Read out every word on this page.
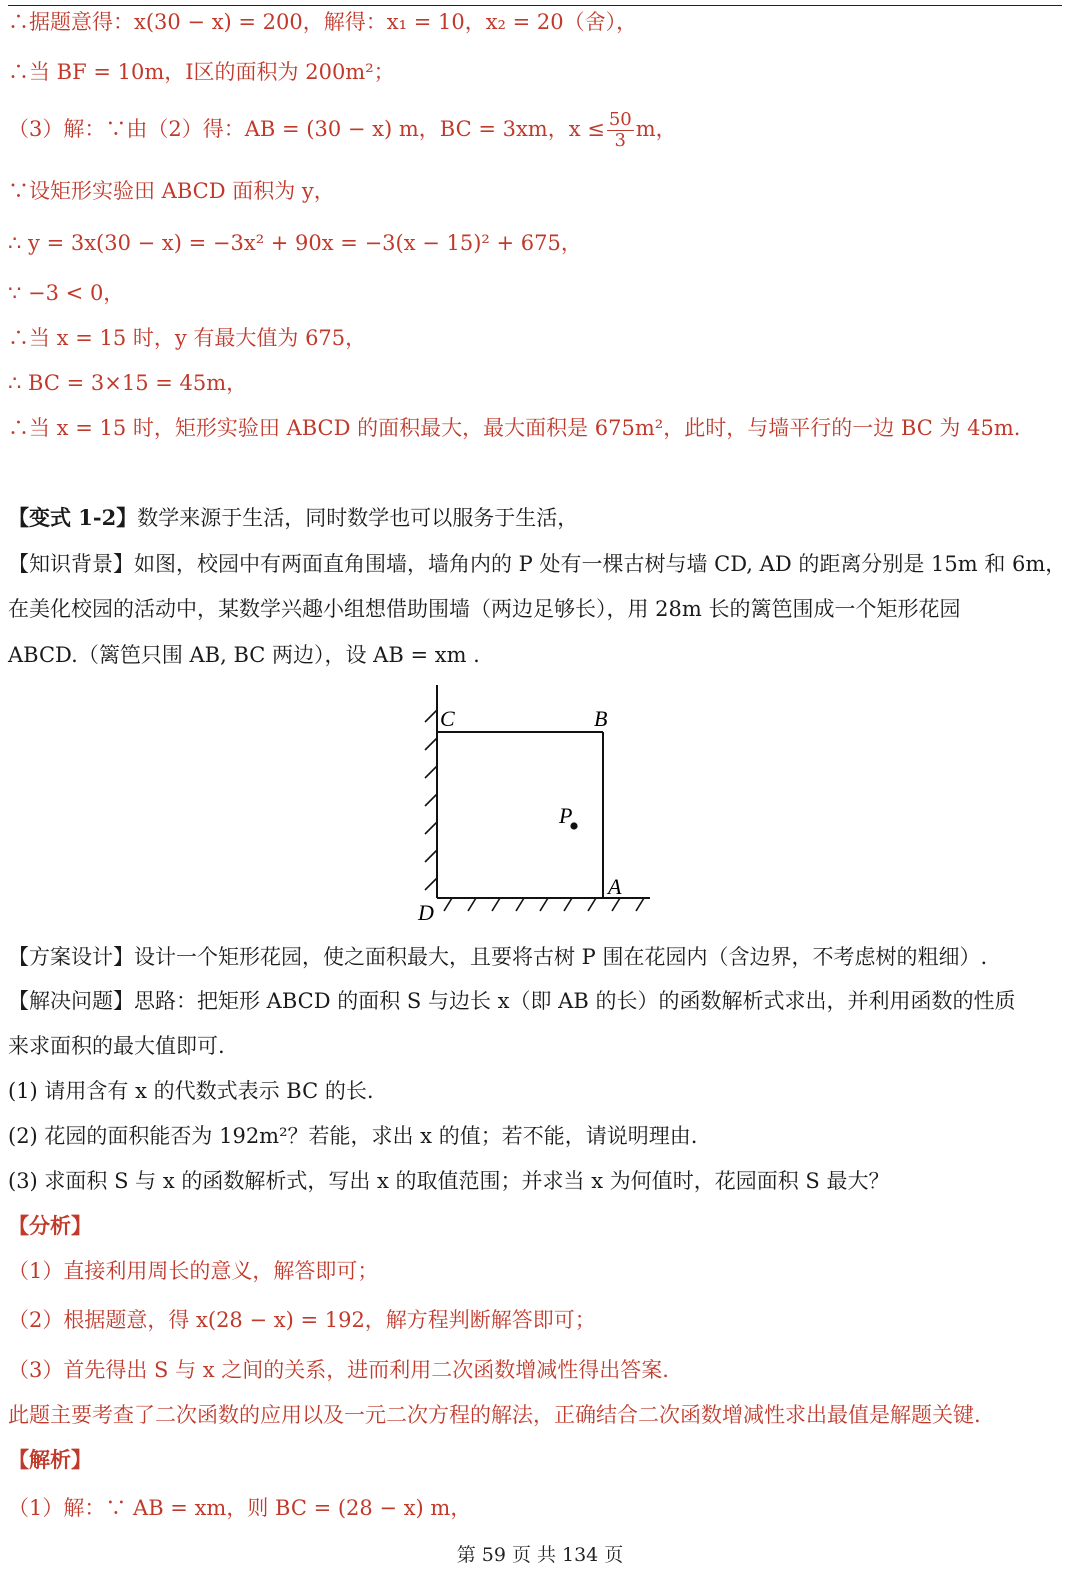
∴据题意得：x(30 − x) = 200，解得：x₁ = 10，x₂ = 20（舍），
∴当 BF = 10m，Ⅰ区的面积为 200m²；
（3）解：∵由（2）得：AB = (30 − x) m，BC = 3xm，$x \le \frac{50}{3}$ m，
∵设矩形实验田 ABCD 面积为 y，
∴ y = 3x(30 − x) = −3x² + 90x = −3(x − 15)² + 675，
∵ −3 < 0，
∴当 x = 15 时，y 有最大值为 675，
∴ BC = 3×15 = 45m，
∴当 x = 15 时，矩形实验田 ABCD 的面积最大，最大面积是 675m²，此时，与墙平行的一边 BC 为 45m.
【变式 1-2】数学来源于生活，同时数学也可以服务于生活，
【知识背景】如图，校园中有两面直角围墙，墙角内的 P 处有一棵古树与墙 CD, AD 的距离分别是 15m 和 6m，
在美化校园的活动中，某数学兴趣小组想借助围墙（两边足够长），用 28m 长的篱笆围成一个矩形花园
ABCD.（篱笆只围 AB, BC 两边），设 AB = xm .
C	B
P
A
D
【方案设计】设计一个矩形花园，使之面积最大，且要将古树 P 围在花园内（含边界，不考虑树的粗细）.
【解决问题】思路：把矩形 ABCD 的面积 S 与边长 x（即 AB 的长）的函数解析式求出，并利用函数的性质
来求面积的最大值即可.
(1) 请用含有 x 的代数式表示 BC 的长.
(2) 花园的面积能否为 192m²？若能，求出 x 的值；若不能，请说明理由.
(3) 求面积 S 与 x 的函数解析式，写出 x 的取值范围；并求当 x 为何值时，花园面积 S 最大？
【分析】
（1）直接利用周长的意义，解答即可；
（2）根据题意，得 x(28 − x) = 192，解方程判断解答即可；
（3）首先得出 S 与 x 之间的关系，进而利用二次函数增减性得出答案.
此题主要考查了二次函数的应用以及一元二次方程的解法，正确结合二次函数增减性求出最值是解题关键.
【解析】
（1）解：∵ AB = xm，则 BC = (28 − x) m，
第 59 页 共 134 页
